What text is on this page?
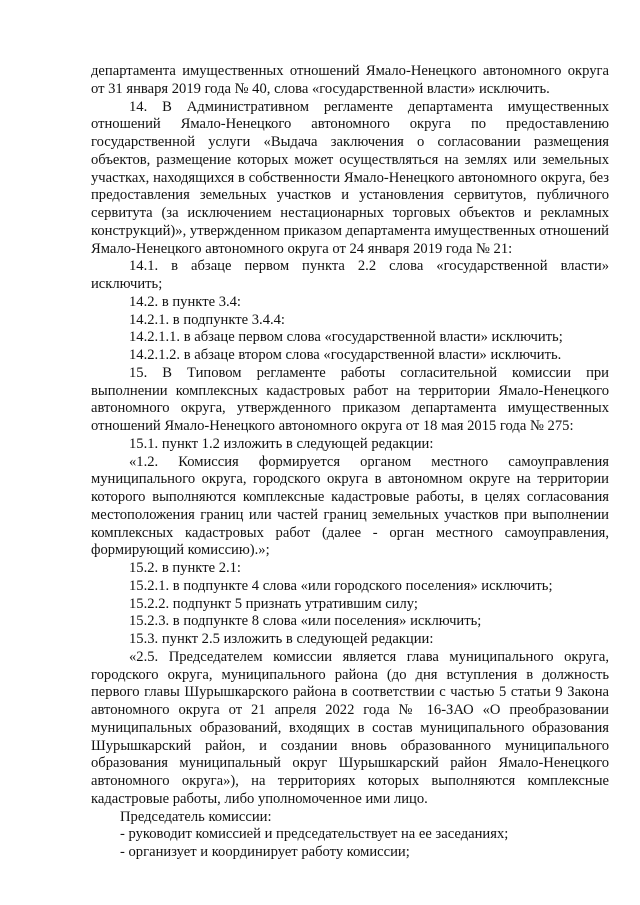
департамента имущественных отношений Ямало-Ненецкого автономного округа от 31 января 2019 года № 40, слова «государственной власти» исключить.

14. В Административном регламенте департамента имущественных отношений Ямало-Ненецкого автономного округа по предоставлению государственной услуги «Выдача заключения о согласовании размещения объектов, размещение которых может осуществляться на землях или земельных участках, находящихся в собственности Ямало-Ненецкого автономного округа, без предоставления земельных участков и установления сервитутов, публичного сервитута (за исключением нестационарных торговых объектов и рекламных конструкций)», утвержденном приказом департамента имущественных отношений Ямало-Ненецкого автономного округа от 24 января 2019 года № 21:

14.1. в абзаце первом пункта 2.2 слова «государственной власти» исключить;

14.2. в пункте 3.4:

14.2.1. в подпункте 3.4.4:

14.2.1.1. в абзаце первом слова «государственной власти» исключить;

14.2.1.2. в абзаце втором слова «государственной власти» исключить.

15. В Типовом регламенте работы согласительной комиссии при выполнении комплексных кадастровых работ на территории Ямало-Ненецкого автономного округа, утвержденного приказом департамента имущественных отношений Ямало-Ненецкого автономного округа от 18 мая 2015 года № 275:

15.1. пункт 1.2 изложить в следующей редакции:

«1.2. Комиссия формируется органом местного самоуправления муниципального округа, городского округа в автономном округе на территории которого выполняются комплексные кадастровые работы, в целях согласования местоположения границ или частей границ земельных участков при выполнении комплексных кадастровых работ (далее - орган местного самоуправления, формирующий комиссию).»;

15.2. в пункте 2.1:

15.2.1. в подпункте 4 слова «или городского поселения» исключить;

15.2.2. подпункт 5 признать утратившим силу;

15.2.3. в подпункте 8 слова «или поселения» исключить;

15.3. пункт 2.5 изложить в следующей редакции:

«2.5. Председателем комиссии является глава муниципального округа, городского округа, муниципального района (до дня вступления в должность первого главы Шурышкарского района в соответствии с частью 5 статьи 9 Закона автономного округа от 21 апреля 2022 года № 16-ЗАО «О преобразовании муниципальных образований, входящих в состав муниципального образования Шурышкарский район, и создании вновь образованного муниципального образования муниципальный округ Шурышкарский район Ямало-Ненецкого автономного округа»), на территориях которых выполняются комплексные кадастровые работы, либо уполномоченное ими лицо.

Председатель комиссии:

- руководит комиссией и председательствует на ее заседаниях;

- организует и координирует работу комиссии;
